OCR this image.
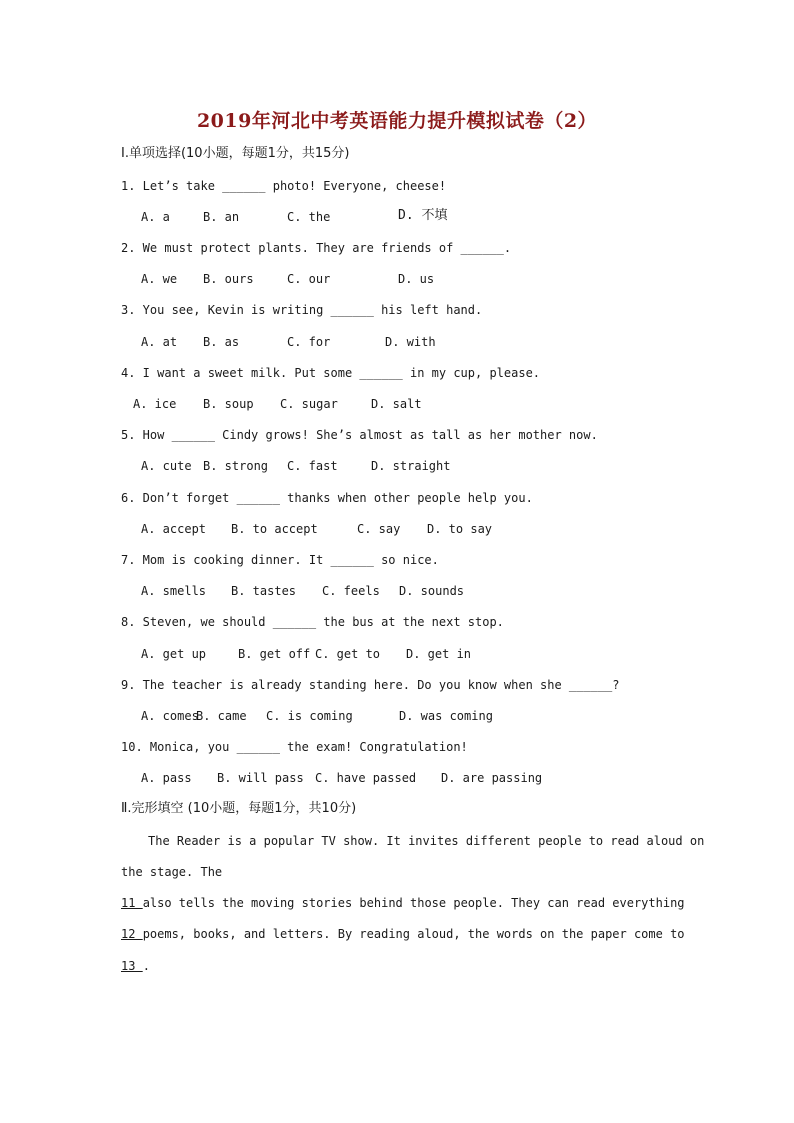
2019年河北中考英语能力提升模拟试卷（2）
Ⅰ.单项选择(10小题，每题1分，共15分)
1. Let’s take ______ photo! Everyone, cheese!
A. a	B. an	C. the	D. 不填
2. We must protect plants. They are friends of ______.
A. we B. ours	C. our	D. us
3. You see, Kevin is writing ______ his left hand.
A. at B. as	C. for	D. with
4. I want a sweet milk. Put some ______ in my cup, please.
A. ice B. soup C. sugar	D. salt
5. How ______ Cindy grows! She’s almost as tall as her mother now.
A. cute B. strong C. fast	D. straight
6. Don’t forget ______ thanks when other people help you.
A. accept B. to accept	C. say D. to say
7. Mom is cooking dinner. It ______ so nice.
A. smells B. tastes C. feels D. sounds
8. Steven, we should ______ the bus at the next stop.
A. get up	B. get off C. get to D. get in
9. The teacher is already standing here. Do you know when she ______?
A. comes
B. came C. is coming	D. was coming
10. Monica, you ______ the exam! Congratulation!
A. pass B. will pass C. have passed D. are passing
Ⅱ.完形填空 (10小题，每题1分，共10分)
The Reader is a popular TV show. It invites different people to read aloud on
the stage. The
11 also tells the moving stories behind those people. They can read everything
12 poems, books, and letters. By reading aloud, the words on the paper come to
13 .
